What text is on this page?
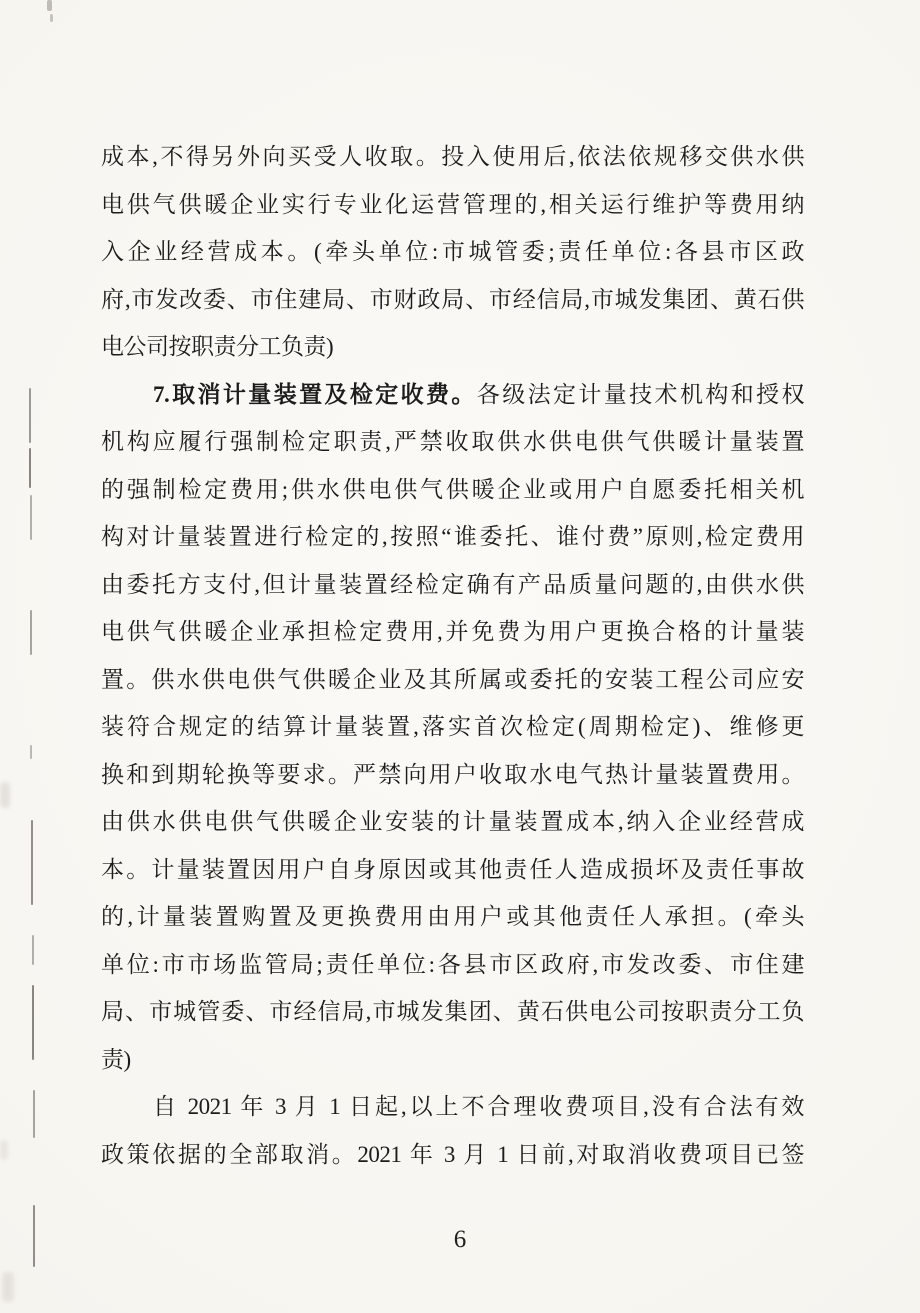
成本,不得另外向买受人收取。投入使用后,依法依规移交供水供
电供气供暖企业实行专业化运营管理的,相关运行维护等费用纳
入企业经营成本。(牵头单位:市城管委;责任单位:各县市区政
府,市发改委、市住建局、市财政局、市经信局,市城发集团、黄石供
电公司按职责分工负责)
7.取消计量装置及检定收费。各级法定计量技术机构和授权
机构应履行强制检定职责,严禁收取供水供电供气供暖计量装置
的强制检定费用;供水供电供气供暖企业或用户自愿委托相关机
构对计量装置进行检定的,按照“谁委托、谁付费”原则,检定费用
由委托方支付,但计量装置经检定确有产品质量问题的,由供水供
电供气供暖企业承担检定费用,并免费为用户更换合格的计量装
置。供水供电供气供暖企业及其所属或委托的安装工程公司应安
装符合规定的结算计量装置,落实首次检定(周期检定)、维修更
换和到期轮换等要求。严禁向用户收取水电气热计量装置费用。
由供水供电供气供暖企业安装的计量装置成本,纳入企业经营成
本。计量装置因用户自身原因或其他责任人造成损坏及责任事故
的,计量装置购置及更换费用由用户或其他责任人承担。(牵头
单位:市市场监管局;责任单位:各县市区政府,市发改委、市住建
局、市城管委、市经信局,市城发集团、黄石供电公司按职责分工负
责)
自 2021 年 3 月 1 日起,以上不合理收费项目,没有合法有效
政策依据的全部取消。2021 年 3 月 1 日前,对取消收费项目已签
6
